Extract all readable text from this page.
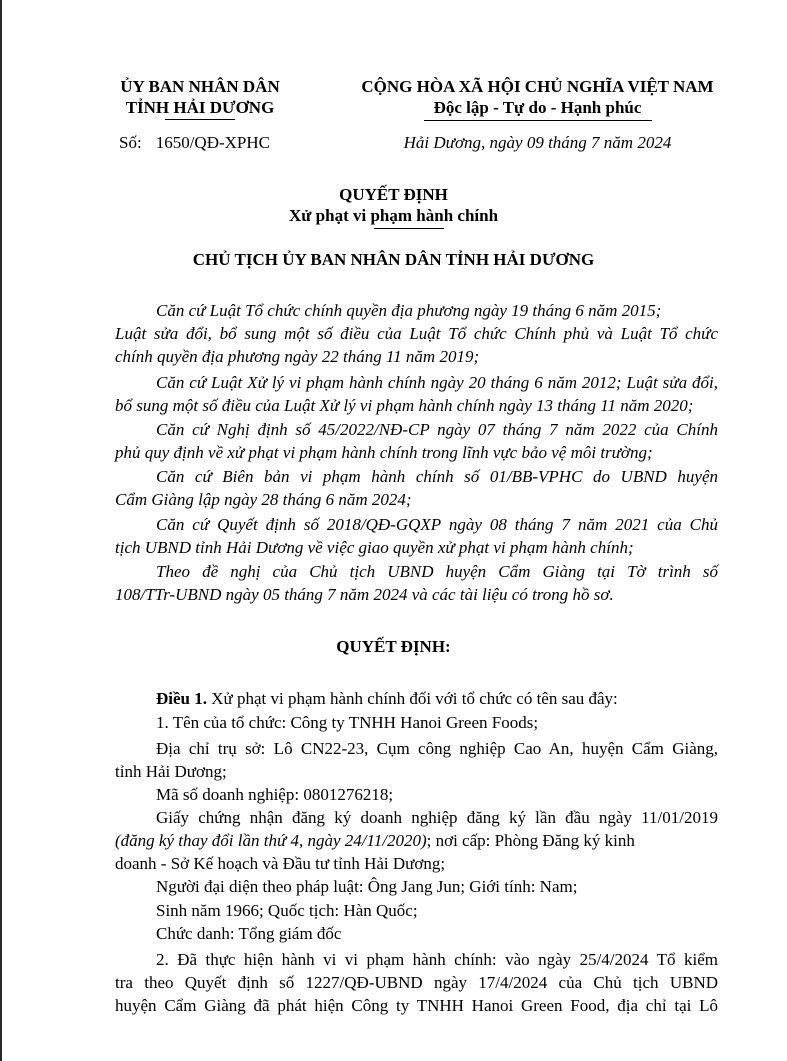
ỦY BAN NHÂN DÂN
TỈNH HẢI DƯƠNG
Số: 1650/QĐ-XPHC
CỘNG HÒA XÃ HỘI CHỦ NGHĨA VIỆT NAM
Độc lập - Tự do - Hạnh phúc
Hải Dương, ngày 09 tháng 7 năm 2024
QUYẾT ĐỊNH
Xử phạt vi phạm hành chính
CHỦ TỊCH ỦY BAN NHÂN DÂN TỈNH HẢI DƯƠNG
Căn cứ Luật Tổ chức chính quyền địa phương ngày 19 tháng 6 năm 2015;
Luật sửa đổi, bổ sung một số điều của Luật Tổ chức Chính phủ và Luật Tổ chức
chính quyền địa phương ngày 22 tháng 11 năm 2019;
Căn cứ Luật Xử lý vi phạm hành chính ngày 20 tháng 6 năm 2012; Luật sửa đổi,
bổ sung một số điều của Luật Xử lý vi phạm hành chính ngày 13 tháng 11 năm 2020;
Căn cứ Nghị định số 45/2022/NĐ-CP ngày 07 tháng 7 năm 2022 của Chính
phủ quy định về xử phạt vi phạm hành chính trong lĩnh vực bảo vệ môi trường;
Căn cứ Biên bản vi phạm hành chính số 01/BB-VPHC do UBND huyện
Cẩm Giàng lập ngày 28 tháng 6 năm 2024;
Căn cứ Quyết định số 2018/QĐ-GQXP ngày 08 tháng 7 năm 2021 của Chủ
tịch UBND tỉnh Hải Dương về việc giao quyền xử phạt vi phạm hành chính;
Theo đề nghị của Chủ tịch UBND huyện Cẩm Giàng tại Tờ trình số
108/TTr-UBND ngày 05 tháng 7 năm 2024 và các tài liệu có trong hồ sơ.
QUYẾT ĐỊNH:
Điều 1. Xử phạt vi phạm hành chính đối với tổ chức có tên sau đây:
1. Tên của tổ chức: Công ty TNHH Hanoi Green Foods;
Địa chỉ trụ sở: Lô CN22-23, Cụm công nghiệp Cao An, huyện Cẩm Giàng,
tỉnh Hải Dương;
Mã số doanh nghiệp: 0801276218;
Giấy chứng nhận đăng ký doanh nghiệp đăng ký lần đầu ngày 11/01/2019
(đăng ký thay đổi lần thứ 4, ngày 24/11/2020); nơi cấp: Phòng Đăng ký kinh
doanh - Sở Kế hoạch và Đầu tư tỉnh Hải Dương;
Người đại diện theo pháp luật: Ông Jang Jun; Giới tính: Nam;
Sinh năm 1966; Quốc tịch: Hàn Quốc;
Chức danh: Tổng giám đốc
2. Đã thực hiện hành vi vi phạm hành chính: vào ngày 25/4/2024 Tổ kiểm
tra theo Quyết định số 1227/QĐ-UBND ngày 17/4/2024 của Chủ tịch UBND
huyện Cẩm Giàng đã phát hiện Công ty TNHH Hanoi Green Food, địa chỉ tại Lô
